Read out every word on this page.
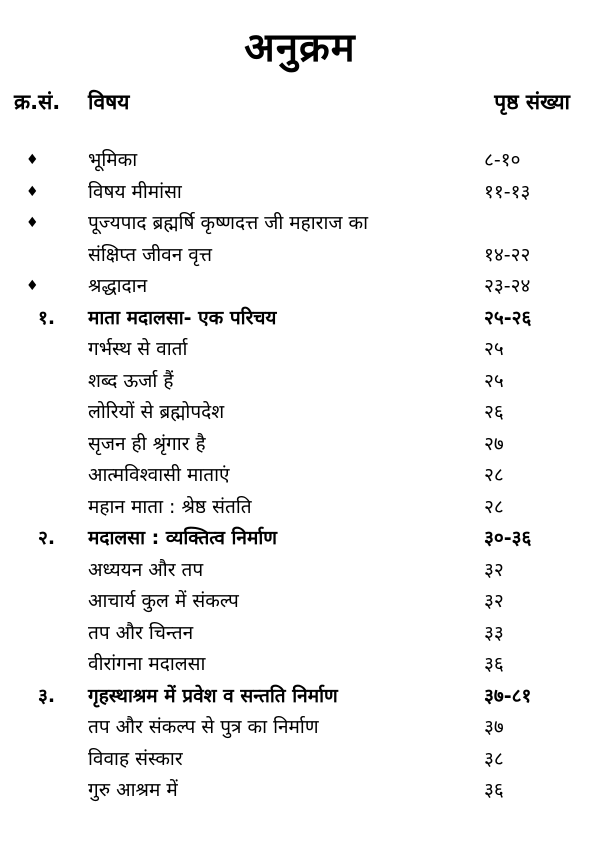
अनुक्रम
क्र.सं. विषय	पृष्ठ संख्या
♦	भूमिका	८-१०
♦	विषय मीमांसा	११-१३
♦	पूज्यपाद ब्रह्मर्षि कृष्णदत्त जी महाराज का
संक्षिप्त जीवन वृत्त	१४-२२
♦	श्रद्धादान	२३-२४
१. माता मदालसा- एक परिचय	२५-२६
गर्भस्थ से वार्ता	२५
शब्द ऊर्जा हैं	२५
लोरियों से ब्रह्मोपदेश	२६
सृजन ही श्रृंगार है	२७
आत्मविश्वासी माताएं	२८
महान माता : श्रेष्ठ संतति	२८
२. मदालसा : व्यक्तित्व निर्माण	३०-३६
अध्ययन और तप	३२
आचार्य कुल में संकल्प	३२
तप और चिन्तन	३३
वीरांगना मदालसा	३६
३. गृहस्थाश्रम में प्रवेश व सन्तति निर्माण	३७-८१
तप और संकल्प से पुत्र का निर्माण	३७
विवाह संस्कार	३८
गुरु आश्रम में	३६
